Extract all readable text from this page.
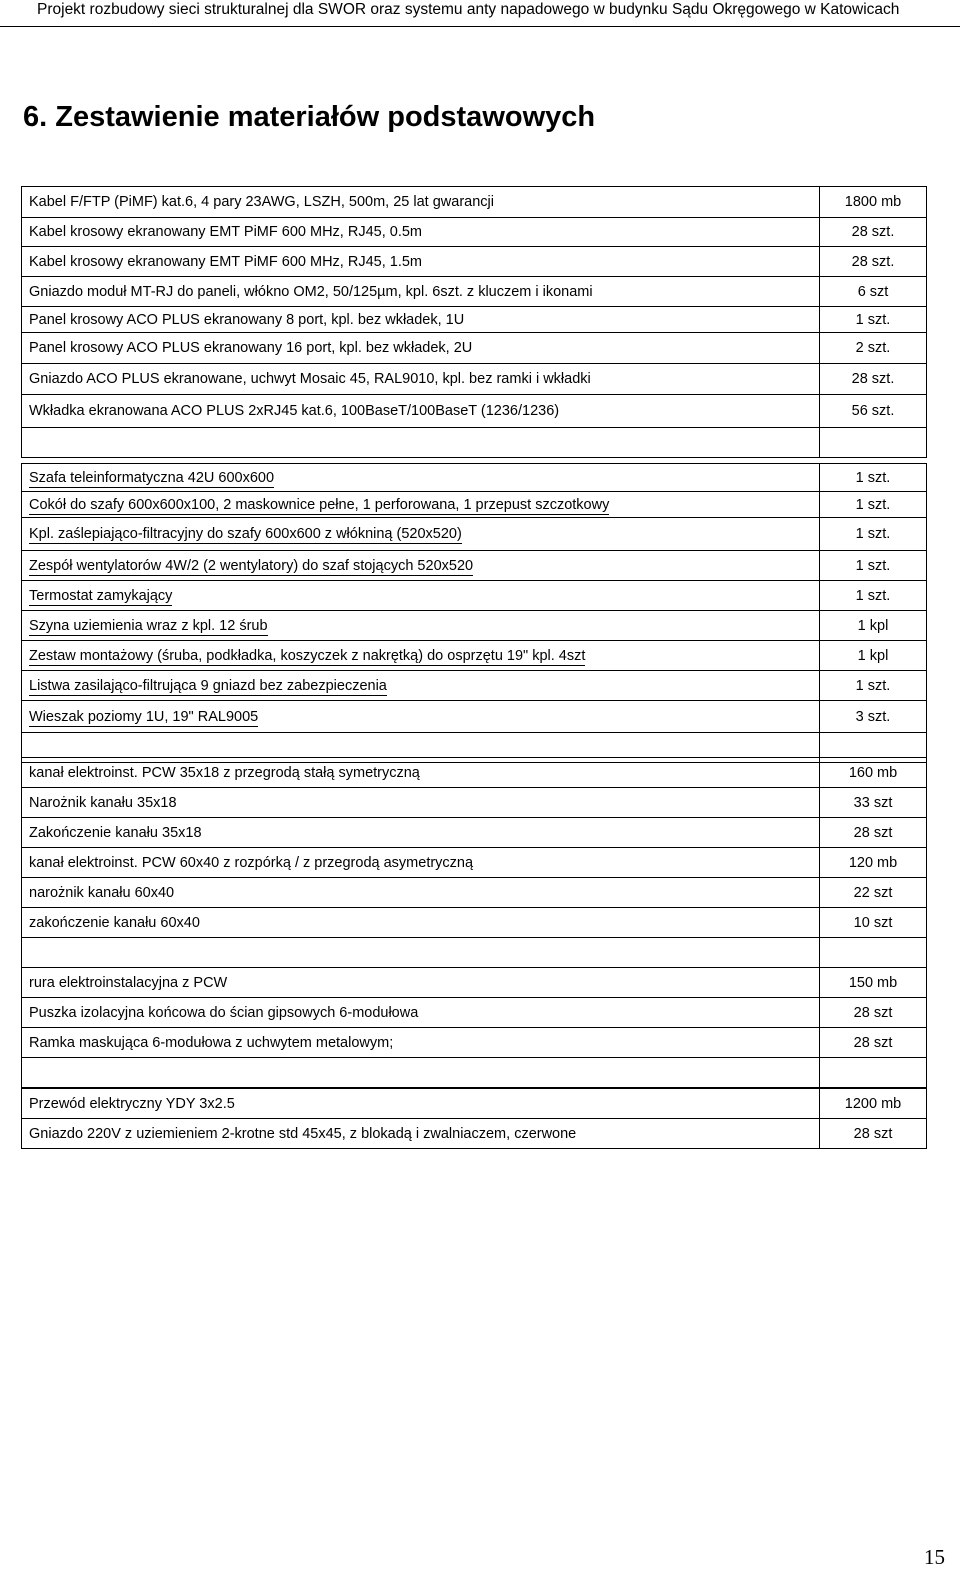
Projekt rozbudowy sieci strukturalnej dla SWOR oraz systemu anty napadowego w budynku Sądu Okręgowego w Katowicach
6. Zestawienie materiałów podstawowych
Kabel F/FTP (PiMF) kat.6, 4 pary 23AWG, LSZH, 500m, 25 lat gwarancji	1800 mb
Kabel krosowy ekranowany EMT PiMF 600 MHz, RJ45, 0.5m	28 szt.
Kabel krosowy ekranowany EMT PiMF 600 MHz, RJ45, 1.5m	28 szt.
Gniazdo moduł MT-RJ do paneli, włókno OM2, 50/125µm, kpl. 6szt. z kluczem i ikonami	6 szt
Panel krosowy ACO PLUS ekranowany 8 port, kpl. bez wkładek, 1U	1 szt.
Panel krosowy ACO PLUS ekranowany 16 port, kpl. bez wkładek, 2U	2 szt.
Gniazdo ACO PLUS ekranowane, uchwyt Mosaic 45, RAL9010, kpl. bez ramki i wkładki	28 szt.
Wkładka ekranowana ACO PLUS 2xRJ45 kat.6, 100BaseT/100BaseT (1236/1236)	56 szt.

Szafa teleinformatyczna 42U 600x600	1 szt.
Cokół do szafy 600x600x100, 2 maskownice pełne, 1 perforowana, 1 przepust szczotkowy	1 szt.
Kpl. zaślepiająco-filtracyjny do szafy 600x600 z włókniną (520x520)	1 szt.
Zespół wentylatorów 4W/2 (2 wentylatory) do szaf stojących 520x520	1 szt.
Termostat zamykający	1 szt.
Szyna uziemienia wraz z kpl. 12 śrub	1 kpl
Zestaw montażowy (śruba, podkładka, koszyczek z nakrętką) do osprzętu 19" kpl. 4szt	1 kpl
Listwa zasilająco-filtrująca 9 gniazd bez zabezpieczenia	1 szt.
Wieszak poziomy 1U, 19" RAL9005	3 szt.

kanał elektroinst. PCW 35x18 z przegrodą stałą symetryczną	160 mb
Narożnik kanału 35x18	33 szt
Zakończenie kanału 35x18	28 szt
kanał elektroinst. PCW 60x40 z rozpórką / z przegrodą asymetryczną	120 mb
narożnik kanału 60x40	22 szt
zakończenie kanału 60x40	10 szt

rura elektroinstalacyjna z PCW	150 mb
Puszka izolacyjna końcowa do ścian gipsowych 6-modułowa	28 szt
Ramka maskująca 6-modułowa z uchwytem metalowym;	28 szt

Przewód elektryczny YDY 3x2.5	1200 mb
Gniazdo 220V z uziemieniem 2-krotne std 45x45, z blokadą i zwalniaczem, czerwone	28 szt
15
